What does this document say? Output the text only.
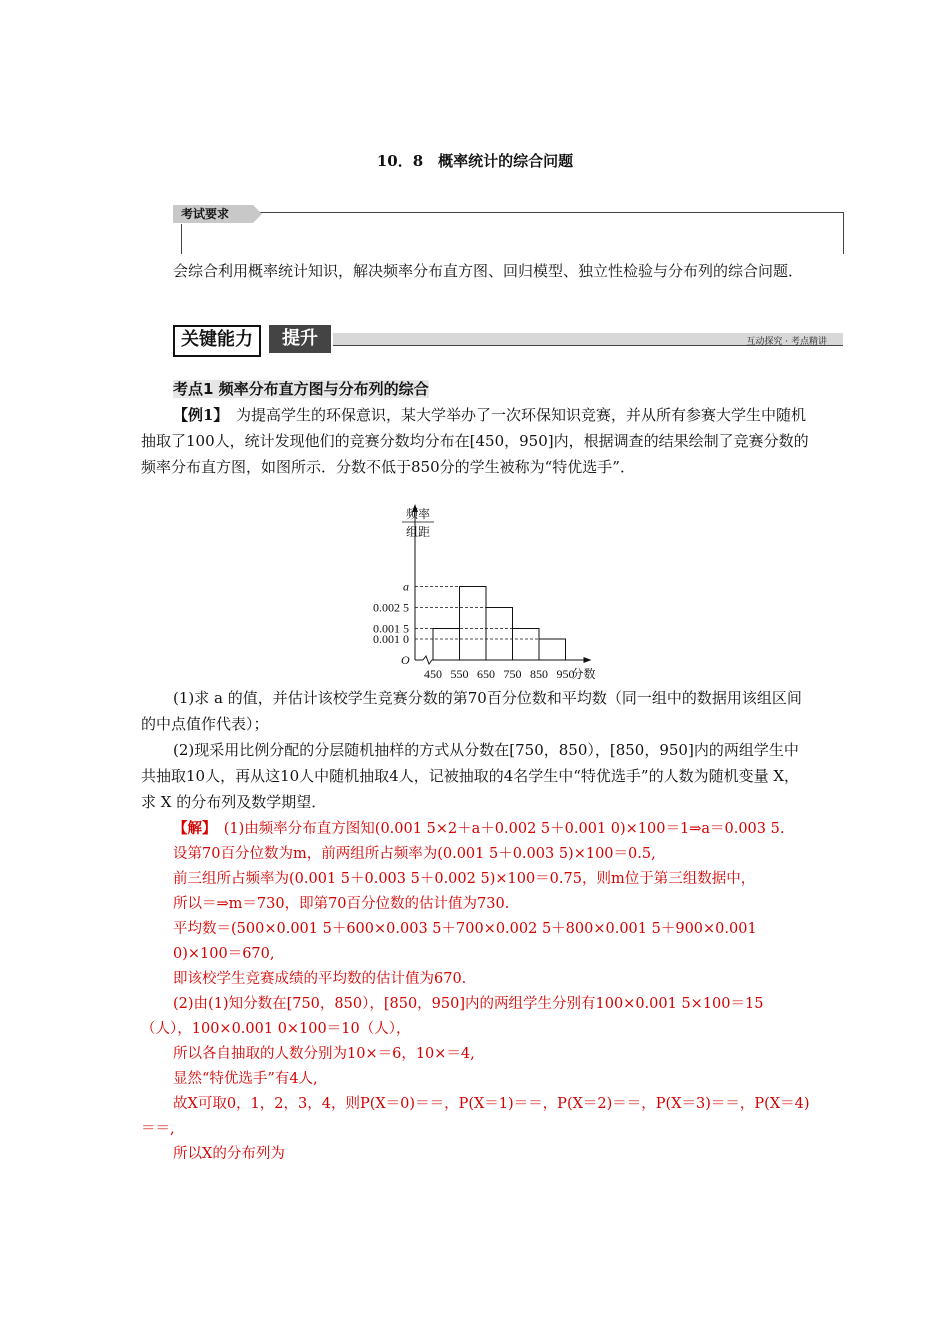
10．8　概率统计的综合问题
考试要求
会综合利用概率统计知识，解决频率分布直方图、回归模型、独立性检验与分布列的综合问题．
关键能力	提升	互动探究 · 考点精讲
考点1 频率分布直方图与分布列的综合
【例1】　为提高学生的环保意识，某大学举办了一次环保知识竞赛，并从所有参赛大学生中随机抽取了100人，统计发现他们的竞赛分数均分布在[450，950]内，根据调查的结果绘制了竞赛分数的频率分布直方图，如图所示．分数不低于850分的学生被称为“特优选手”．
频率
组距
O
0.001 0
0.001 5
0.002 5
a
450 550 650 750 850 950
分数
(1)求 a 的值，并估计该校学生竞赛分数的第70百分位数和平均数（同一组中的数据用该组区间的中点值作代表）；
(2)现采用比例分配的分层随机抽样的方式从分数在[750，850），[850，950]内的两组学生中共抽取10人，再从这10人中随机抽取4人，记被抽取的4名学生中“特优选手”的人数为随机变量 X，求 X 的分布列及数学期望．
【解】　(1)由频率分布直方图知(0.001 5×2＋a＋0.002 5＋0.001 0)×100＝1⇒a＝0.003 5.
设第70百分位数为m，前两组所占频率为(0.001 5＋0.003 5)×100＝0.5,
前三组所占频率为(0.001 5＋0.003 5＋0.002 5)×100＝0.75，则m位于第三组数据中，
所以＝⇒m＝730，即第70百分位数的估计值为730.
平均数＝(500×0.001 5＋600×0.003 5＋700×0.002 5＋800×0.001 5＋900×0.001 0)×100＝670,
即该校学生竞赛成绩的平均数的估计值为670.
(2)由(1)知分数在[750，850），[850，950]内的两组学生分别有100×0.001 5×100＝15（人），100×0.001 0×100＝10（人），
所以各自抽取的人数分别为10×＝6，10×＝4,
显然“特优选手”有4人,
故X可取0，1，2，3，4，则P(X＝0)＝＝，P(X＝1)＝＝，P(X＝2)＝＝，P(X＝3)＝＝，P(X＝4)＝＝,
所以X的分布列为
